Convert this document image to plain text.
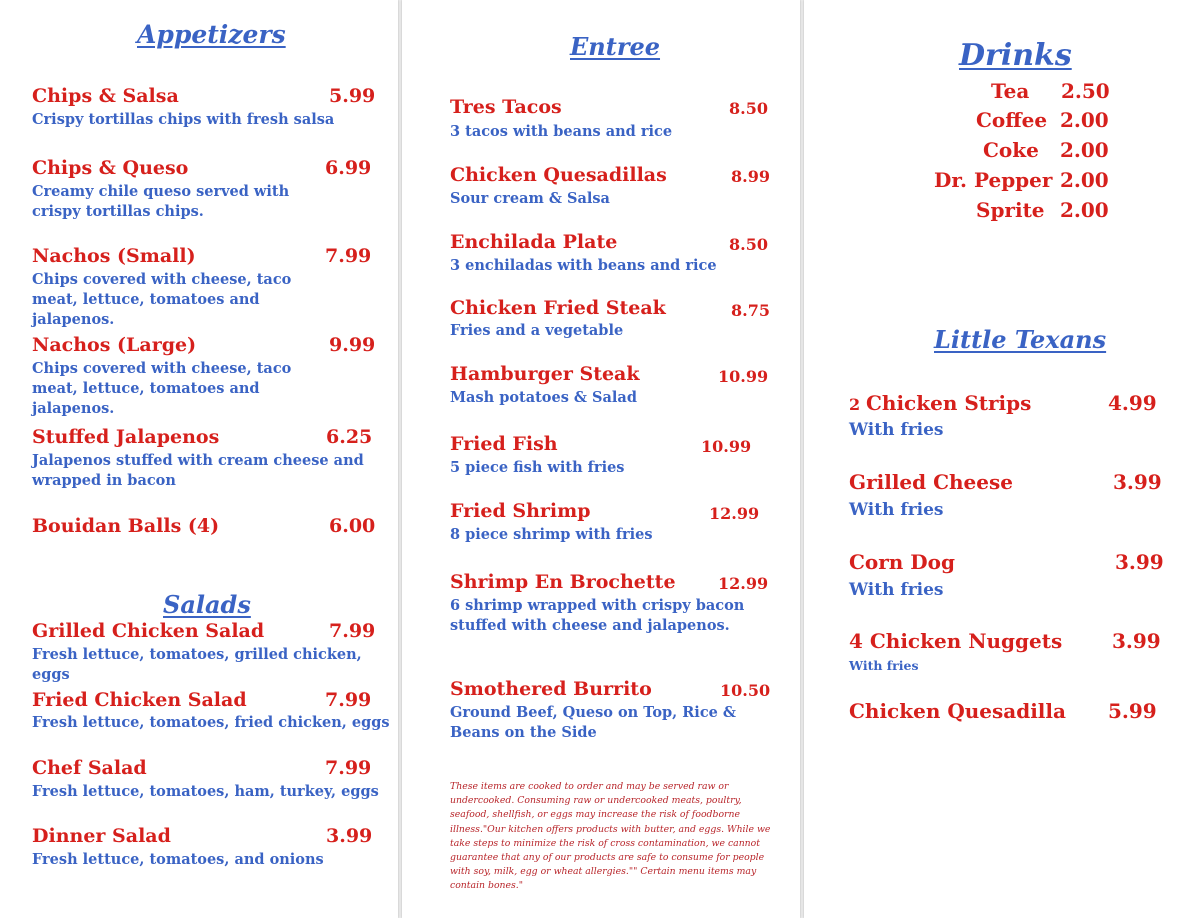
Appetizers
Chips & Salsa	5.99
Crispy tortillas chips with fresh salsa
Chips & Queso	6.99
Creamy chile queso served with crispy tortillas chips.
Nachos (Small)	7.99
Chips covered with cheese, taco meat, lettuce, tomatoes and jalapenos.
Nachos (Large)	9.99
Chips covered with cheese, taco meat, lettuce, tomatoes and jalapenos.
Stuffed Jalapenos	6.25
Jalapenos stuffed with cream cheese and wrapped in bacon
Bouidan Balls (4)	6.00
Salads
Grilled Chicken Salad	7.99
Fresh lettuce, tomatoes, grilled chicken, eggs
Fried Chicken Salad	7.99
Fresh lettuce, tomatoes, fried chicken, eggs
Chef Salad	7.99
Fresh lettuce, tomatoes, ham, turkey, eggs
Dinner Salad	3.99
Fresh lettuce, tomatoes, and onions
Entree
Tres Tacos	8.50
3 tacos with beans and rice
Chicken Quesadillas	8.99
Sour cream & Salsa
Enchilada Plate	8.50
3 enchiladas with beans and rice
Chicken Fried Steak	8.75
Fries and a vegetable
Hamburger Steak	10.99
Mash potatoes & Salad
Fried Fish	10.99
5 piece fish with fries
Fried Shrimp	12.99
8 piece shrimp with fries
Shrimp En Brochette	12.99
6 shrimp wrapped with crispy bacon stuffed with cheese and jalapenos.
Smothered Burrito	10.50
Ground Beef, Queso on Top, Rice & Beans on the Side
These items are cooked to order and may be served raw or undercooked. Consuming raw or undercooked meats, poultry, seafood, shellfish, or eggs may increase the risk of foodborne illness."Our kitchen offers products with butter, and eggs. While we take steps to minimize the risk of cross contamination, we cannot guarantee that any of our products are safe to consume for people with soy, milk, egg or wheat allergies."" Certain menu items may contain bones."
Drinks
Tea 2.50
Coffee 2.00
Coke 2.00
Dr. Pepper 2.00
Sprite 2.00
Little Texans
2 Chicken Strips	4.99
With fries
Grilled Cheese	3.99
With fries
Corn Dog	3.99
With fries
4 Chicken Nuggets 3.99
With fries
Chicken Quesadilla 5.99
